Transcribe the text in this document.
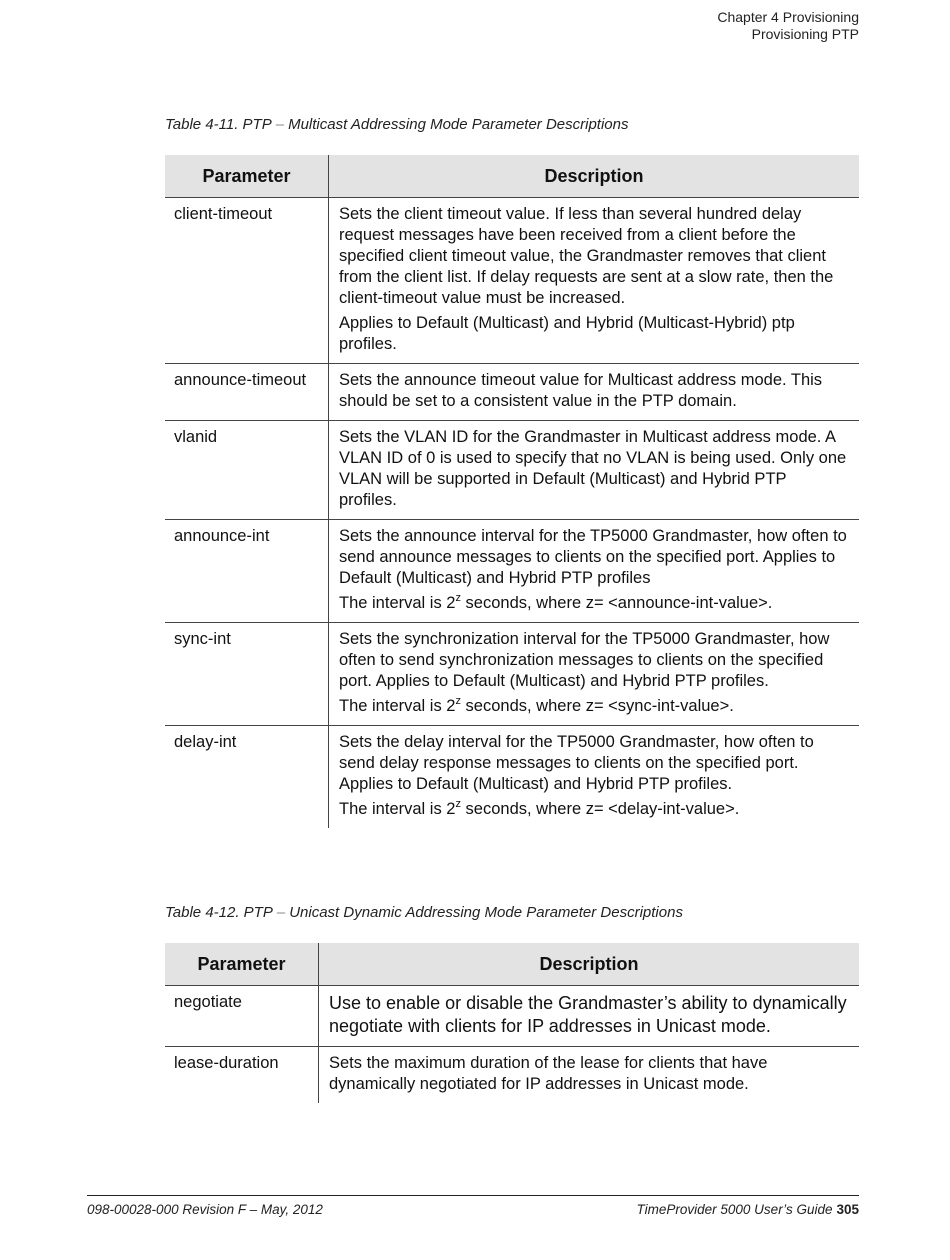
Chapter 4 Provisioning
Provisioning PTP
Table 4-11. PTP – Multicast Addressing Mode Parameter Descriptions
Parameter	Description
client-timeout	Sets the client timeout value. If less than several hundred delay request messages have been received from a client before the specified client timeout value, the Grandmaster removes that client from the client list. If delay requests are sent at a slow rate, then the client-timeout value must be increased.

Applies to Default (Multicast) and Hybrid (Multicast-Hybrid) ptp profiles.

announce-timeout	Sets the announce timeout value for Multicast address mode. This should be set to a consistent value in the PTP domain.

vlanid	Sets the VLAN ID for the Grandmaster in Multicast address mode. A VLAN ID of 0 is used to specify that no VLAN is being used. Only one VLAN will be supported in Default (Multicast) and Hybrid PTP profiles.

announce-int	Sets the announce interval for the TP5000 Grandmaster, how often to send announce messages to clients on the specified port. Applies to Default (Multicast) and Hybrid PTP profiles

The interval is 2$^z$ seconds, where z= <announce-int-value>.

sync-int	Sets the synchronization interval for the TP5000 Grandmaster, how often to send synchronization messages to clients on the specified port. Applies to Default (Multicast) and Hybrid PTP profiles.

The interval is 2$^z$ seconds, where z= <sync-int-value>.

delay-int	Sets the delay interval for the TP5000 Grandmaster, how often to send delay response messages to clients on the specified port. Applies to Default (Multicast) and Hybrid PTP profiles.

The interval is 2$^z$ seconds, where z= <delay-int-value>.

Table 4-12. PTP – Unicast Dynamic Addressing Mode Parameter Descriptions
Parameter	Description
negotiate	Use to enable or disable the Grandmaster’s ability to dynamically negotiate with clients for IP addresses in Unicast mode.

lease-duration	Sets the maximum duration of the lease for clients that have dynamically negotiated for IP addresses in Unicast mode.

098-00028-000 Revision F – May, 2012	TimeProvider 5000 User’s Guide 305
